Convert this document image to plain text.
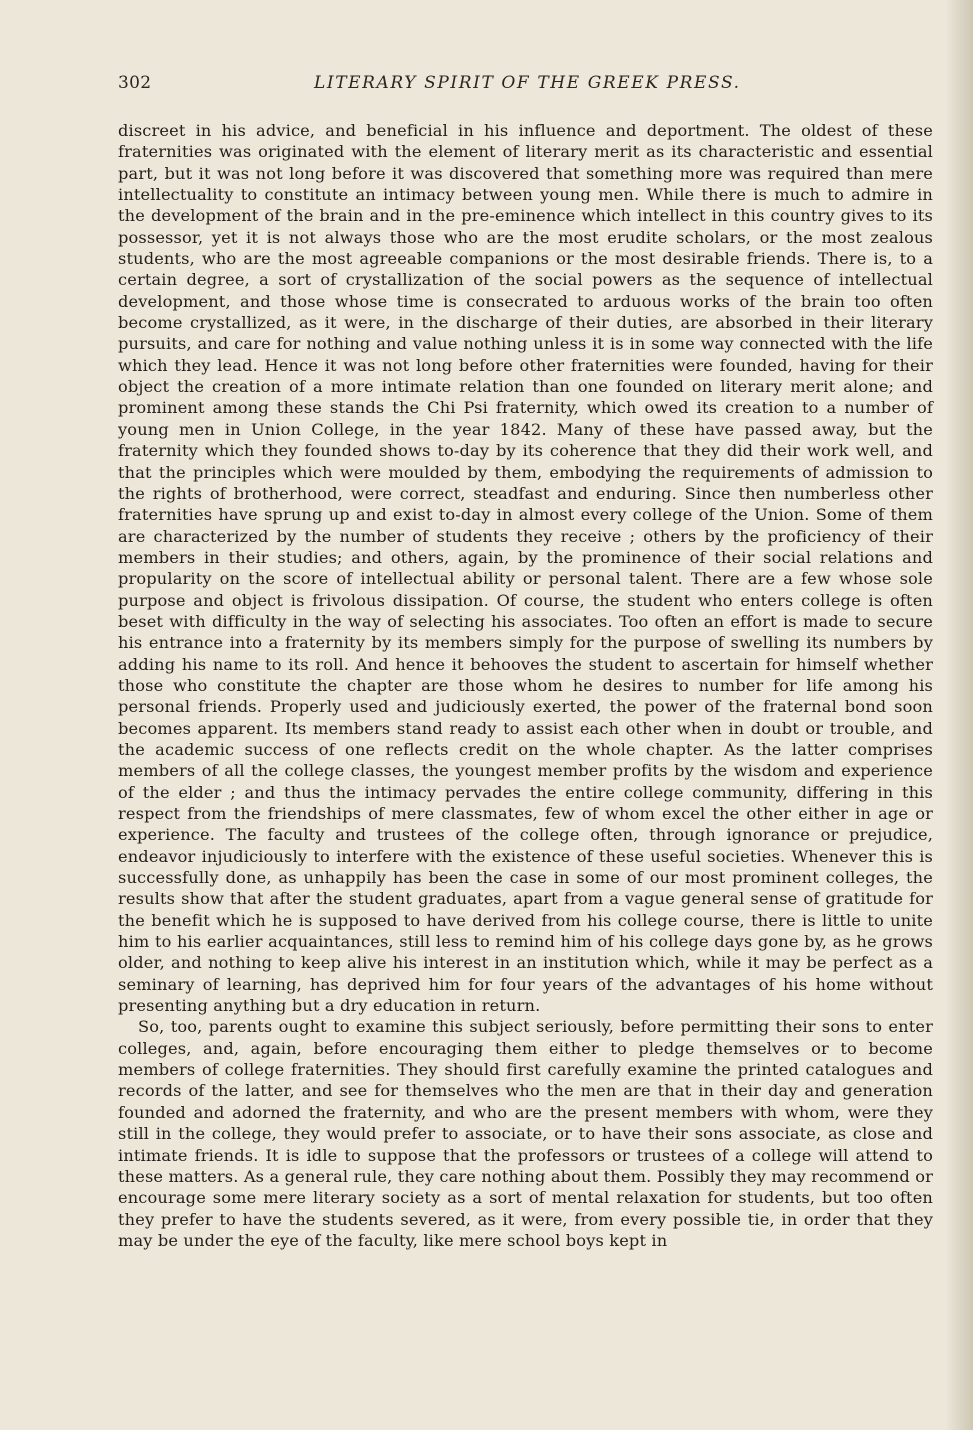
302	LITERARY SPIRIT OF THE GREEK PRESS.

discreet in his advice, and beneficial in his influence and deportment. The oldest of these fraternities was originated with the element of literary merit as its characteristic and essential part, but it was not long before it was discovered that something more was required than mere intellectuality to constitute an intimacy between young men. While there is much to admire in the development of the brain and in the pre-eminence which intellect in this country gives to its possessor, yet it is not always those who are the most erudite scholars, or the most zealous students, who are the most agreeable companions or the most desirable friends. There is, to a certain degree, a sort of crystallization of the social powers as the sequence of intellectual development, and those whose time is consecrated to arduous works of the brain too often become crystallized, as it were, in the discharge of their duties, are absorbed in their literary pursuits, and care for nothing and value nothing unless it is in some way connected with the life which they lead. Hence it was not long before other fraternities were founded, having for their object the creation of a more intimate relation than one founded on literary merit alone; and prominent among these stands the Chi Psi fraternity, which owed its creation to a number of young men in Union College, in the year 1842. Many of these have passed away, but the fraternity which they founded shows to-day by its coherence that they did their work well, and that the principles which were moulded by them, embodying the requirements of admission to the rights of brotherhood, were correct, steadfast and enduring. Since then numberless other fraternities have sprung up and exist to-day in almost every college of the Union. Some of them are characterized by the number of students they receive ; others by the proficiency of their members in their studies; and others, again, by the prominence of their social relations and propularity on the score of intellectual ability or personal talent. There are a few whose sole purpose and object is frivolous dissipation. Of course, the student who enters college is often beset with difficulty in the way of selecting his associates. Too often an effort is made to secure his entrance into a fraternity by its members simply for the purpose of swelling its numbers by adding his name to its roll. And hence it behooves the student to ascertain for himself whether those who constitute the chapter are those whom he desires to number for life among his personal friends. Properly used and judiciously exerted, the power of the fraternal bond soon becomes apparent. Its members stand ready to assist each other when in doubt or trouble, and the academic success of one reflects credit on the whole chapter. As the latter comprises members of all the college classes, the youngest member profits by the wisdom and experience of the elder ; and thus the intimacy pervades the entire college community, differing in this respect from the friendships of mere classmates, few of whom excel the other either in age or experience. The faculty and trustees of the college often, through ignorance or prejudice, endeavor injudiciously to interfere with the existence of these useful societies. Whenever this is successfully done, as unhappily has been the case in some of our most prominent colleges, the results show that after the student graduates, apart from a vague general sense of gratitude for the benefit which he is supposed to have derived from his college course, there is little to unite him to his earlier acquaintances, still less to remind him of his college days gone by, as he grows older, and nothing to keep alive his interest in an institution which, while it may be perfect as a seminary of learning, has deprived him for four years of the advantages of his home without presenting anything but a dry education in return.

So, too, parents ought to examine this subject seriously, before permitting their sons to enter colleges, and, again, before encouraging them either to pledge themselves or to become members of college fraternities. They should first carefully examine the printed catalogues and records of the latter, and see for themselves who the men are that in their day and generation founded and adorned the fraternity, and who are the present members with whom, were they still in the college, they would prefer to associate, or to have their sons associate, as close and intimate friends. It is idle to suppose that the professors or trustees of a college will attend to these matters. As a general rule, they care nothing about them. Possibly they may recommend or encourage some mere literary society as a sort of mental relaxation for students, but too often they prefer to have the students severed, as it were, from every possible tie, in order that they may be under the eye of the faculty, like mere school boys kept in
